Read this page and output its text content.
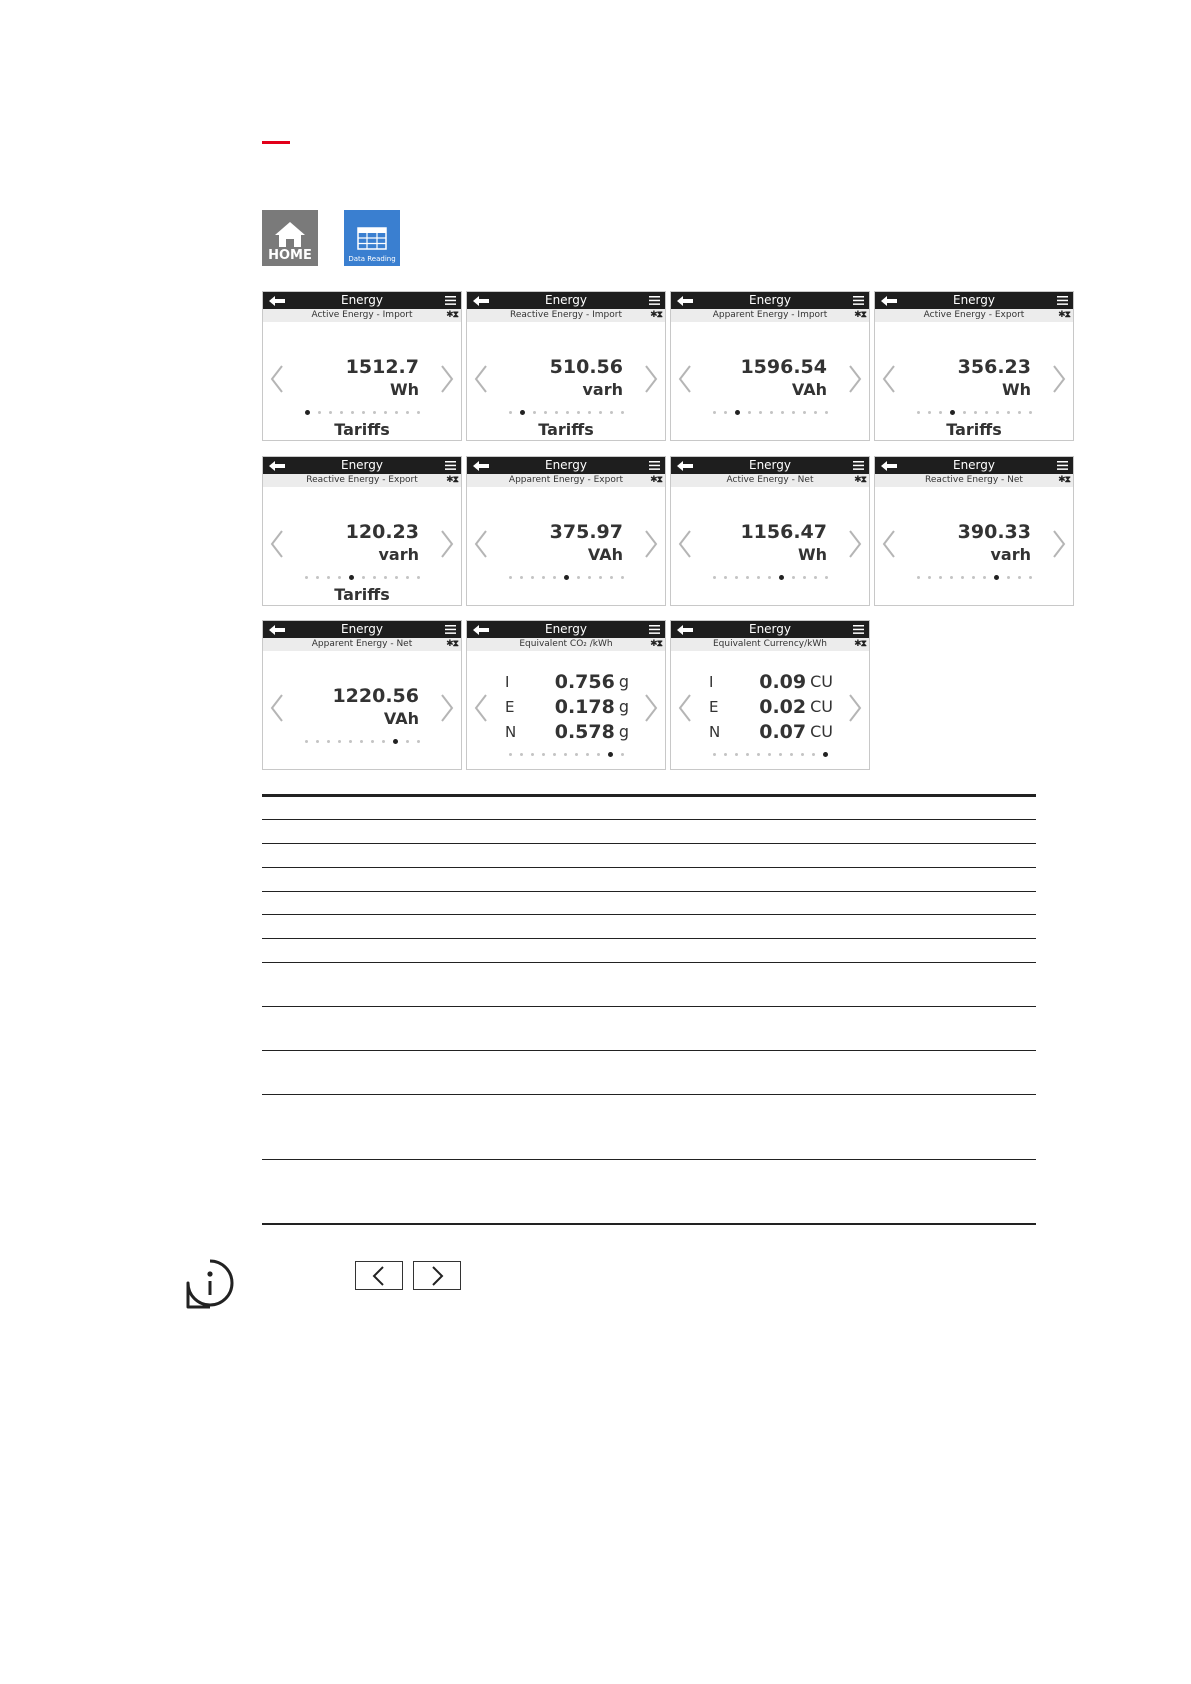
HOME	Data Reading
Energy
Active Energy - Import	✱⧗
1512.7
Wh
Tariffs
Energy
Reactive Energy - Import	✱⧗
510.56
varh
Tariffs
Energy
Apparent Energy - Import	✱⧗
1596.54
VAh
Energy
Active Energy - Export	✱⧗
356.23
Wh
Tariffs
Energy
Reactive Energy - Export	✱⧗
120.23
varh
Tariffs
Energy
Apparent Energy - Export	✱⧗
375.97
VAh
Energy
Active Energy - Net	✱⧗
1156.47
Wh
Energy
Reactive Energy - Net	✱⧗
390.33
varh
Energy
Apparent Energy - Net	✱⧗
1220.56
VAh
Energy
Equivalent CO₂ /kWh	✱⧗
I	0.756 g
E	0.178 g
N	0.578 g
Energy
Equivalent Currency/kWh	✱⧗
I	0.09 CU
E	0.02 CU
N	0.07 CU
